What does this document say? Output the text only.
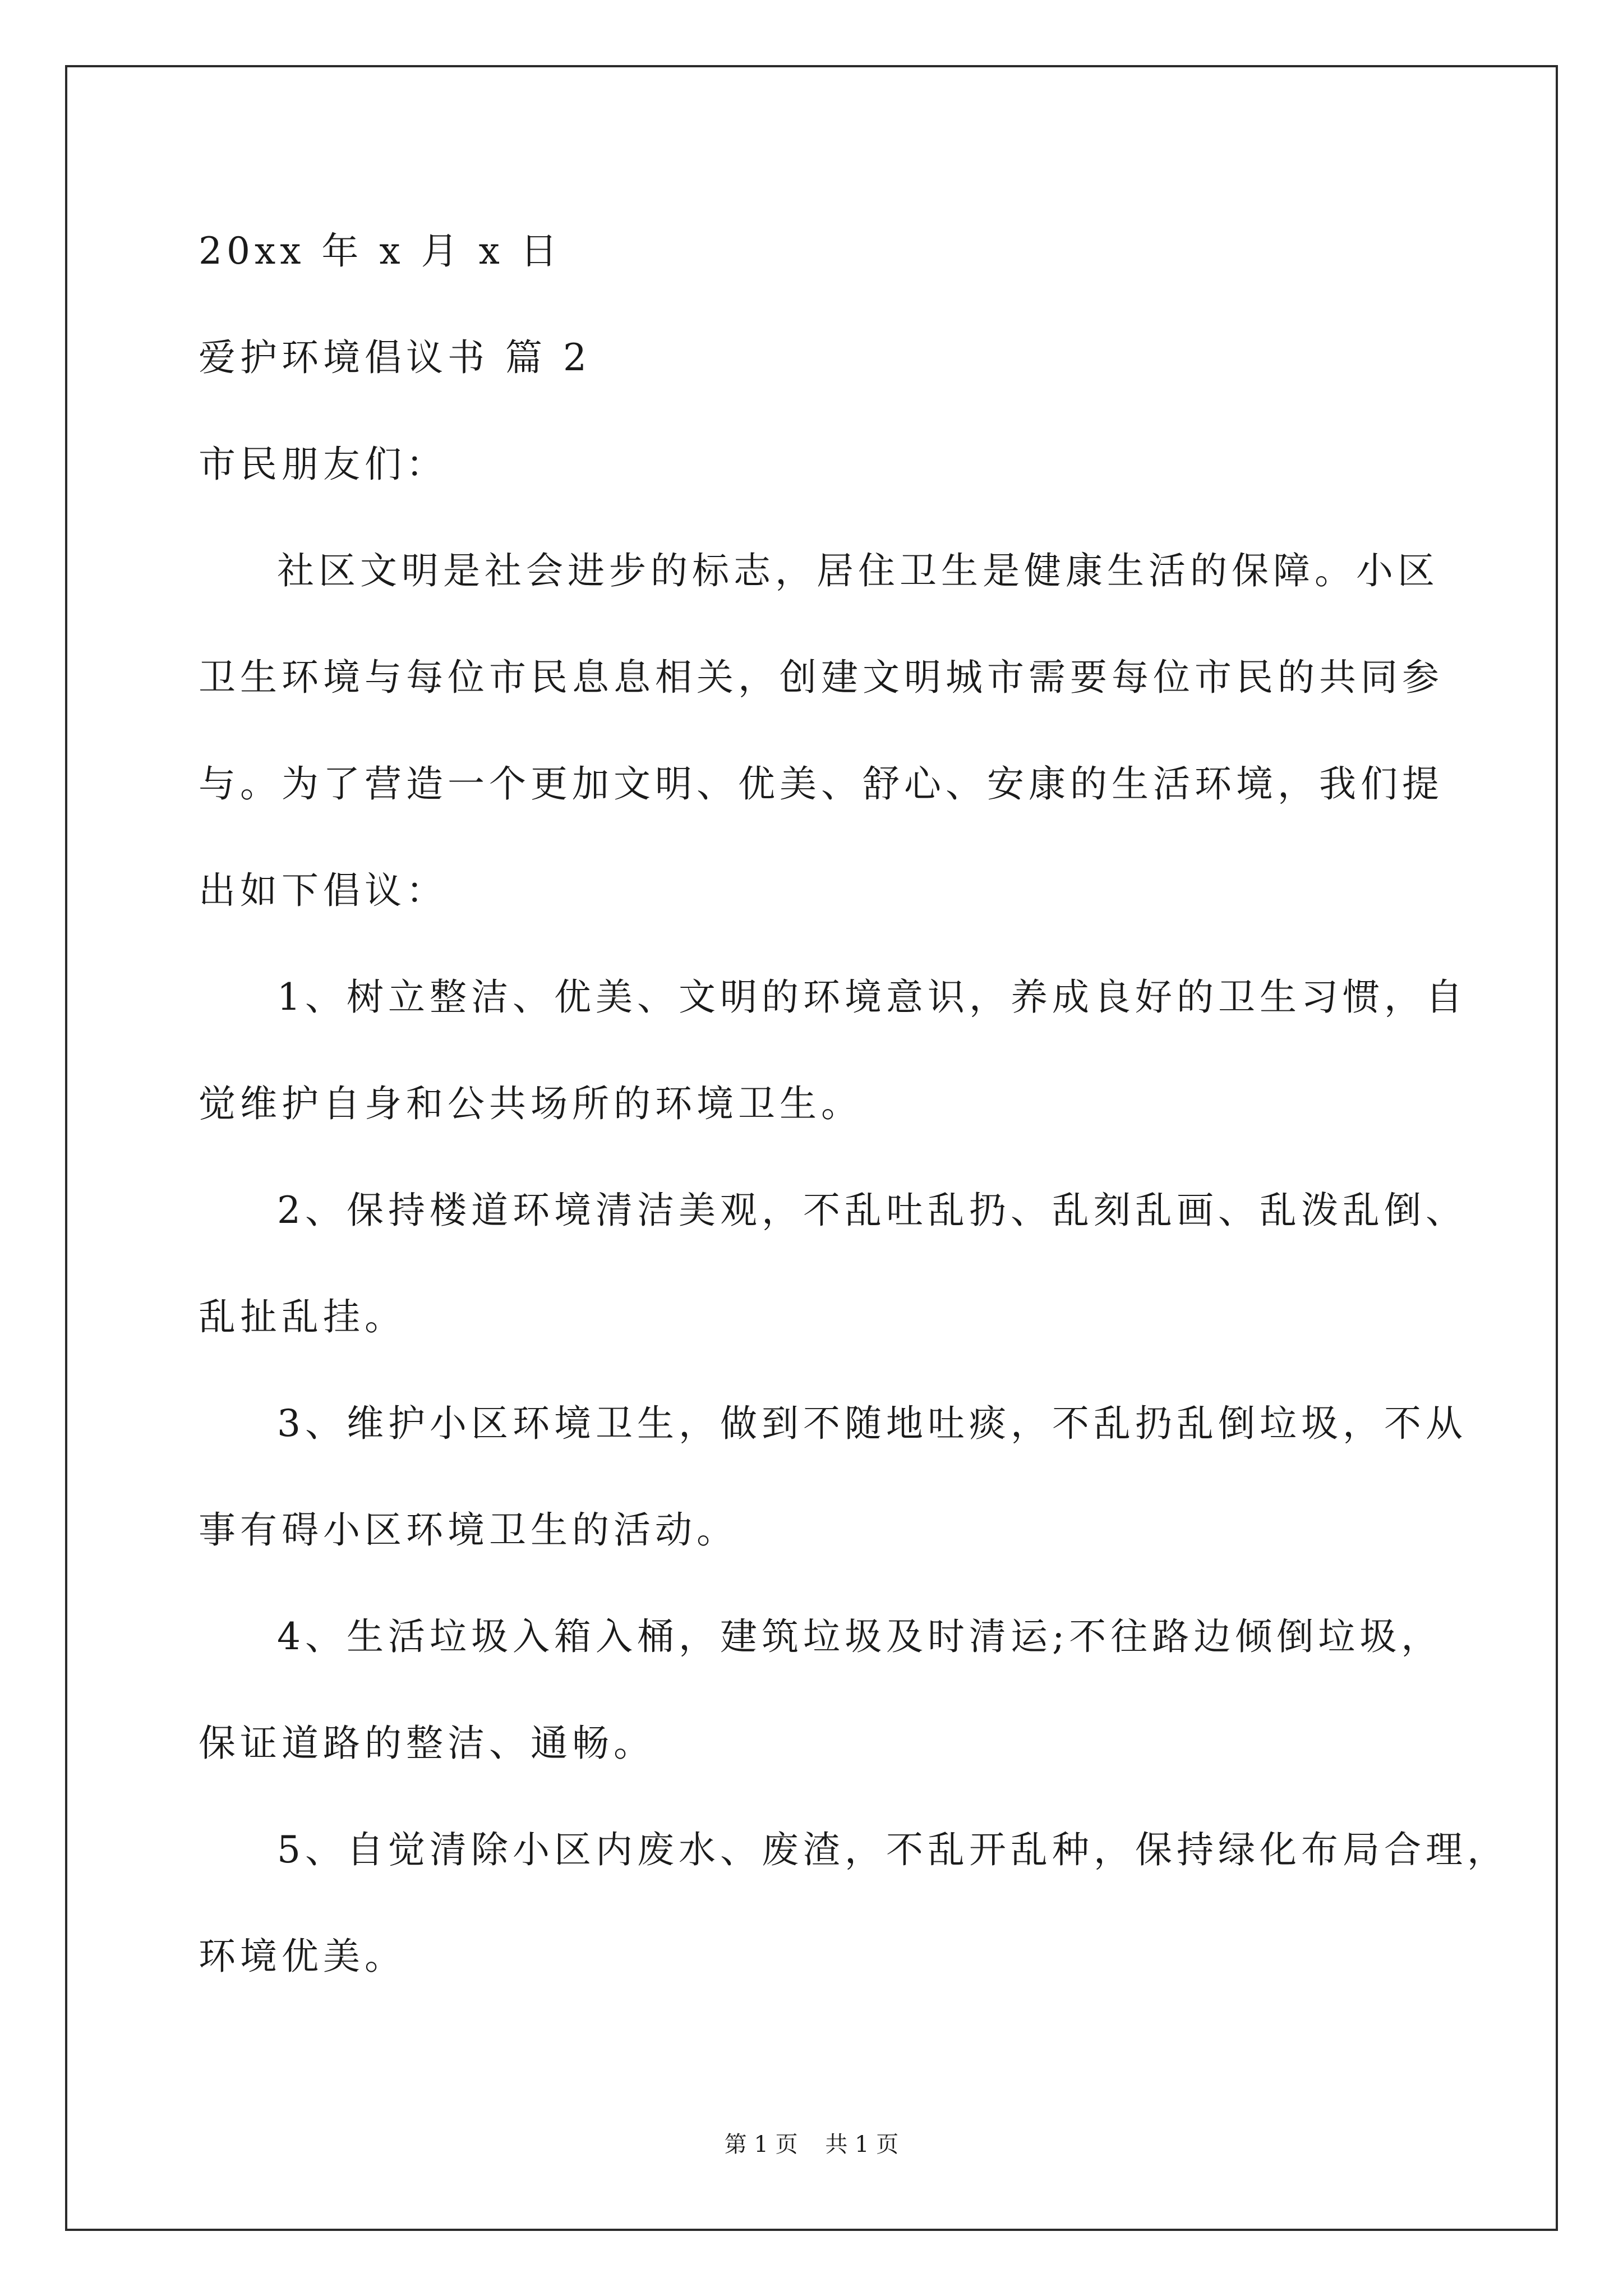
20xx 年 x 月 x 日
爱护环境倡议书 篇 2
市民朋友们：
社区文明是社会进步的标志，居住卫生是健康生活的保障。小区
卫生环境与每位市民息息相关，创建文明城市需要每位市民的共同参
与。为了营造一个更加文明、优美、舒心、安康的生活环境，我们提
出如下倡议：
1、树立整洁、优美、文明的环境意识，养成良好的卫生习惯，自
觉维护自身和公共场所的环境卫生。
2、保持楼道环境清洁美观，不乱吐乱扔、乱刻乱画、乱泼乱倒、
乱扯乱挂。
3、维护小区环境卫生，做到不随地吐痰，不乱扔乱倒垃圾，不从
事有碍小区环境卫生的活动。
4、生活垃圾入箱入桶，建筑垃圾及时清运;不往路边倾倒垃圾，
保证道路的整洁、通畅。
5、自觉清除小区内废水、废渣，不乱开乱种，保持绿化布局合理，
环境优美。
第 1 页 共 1 页
